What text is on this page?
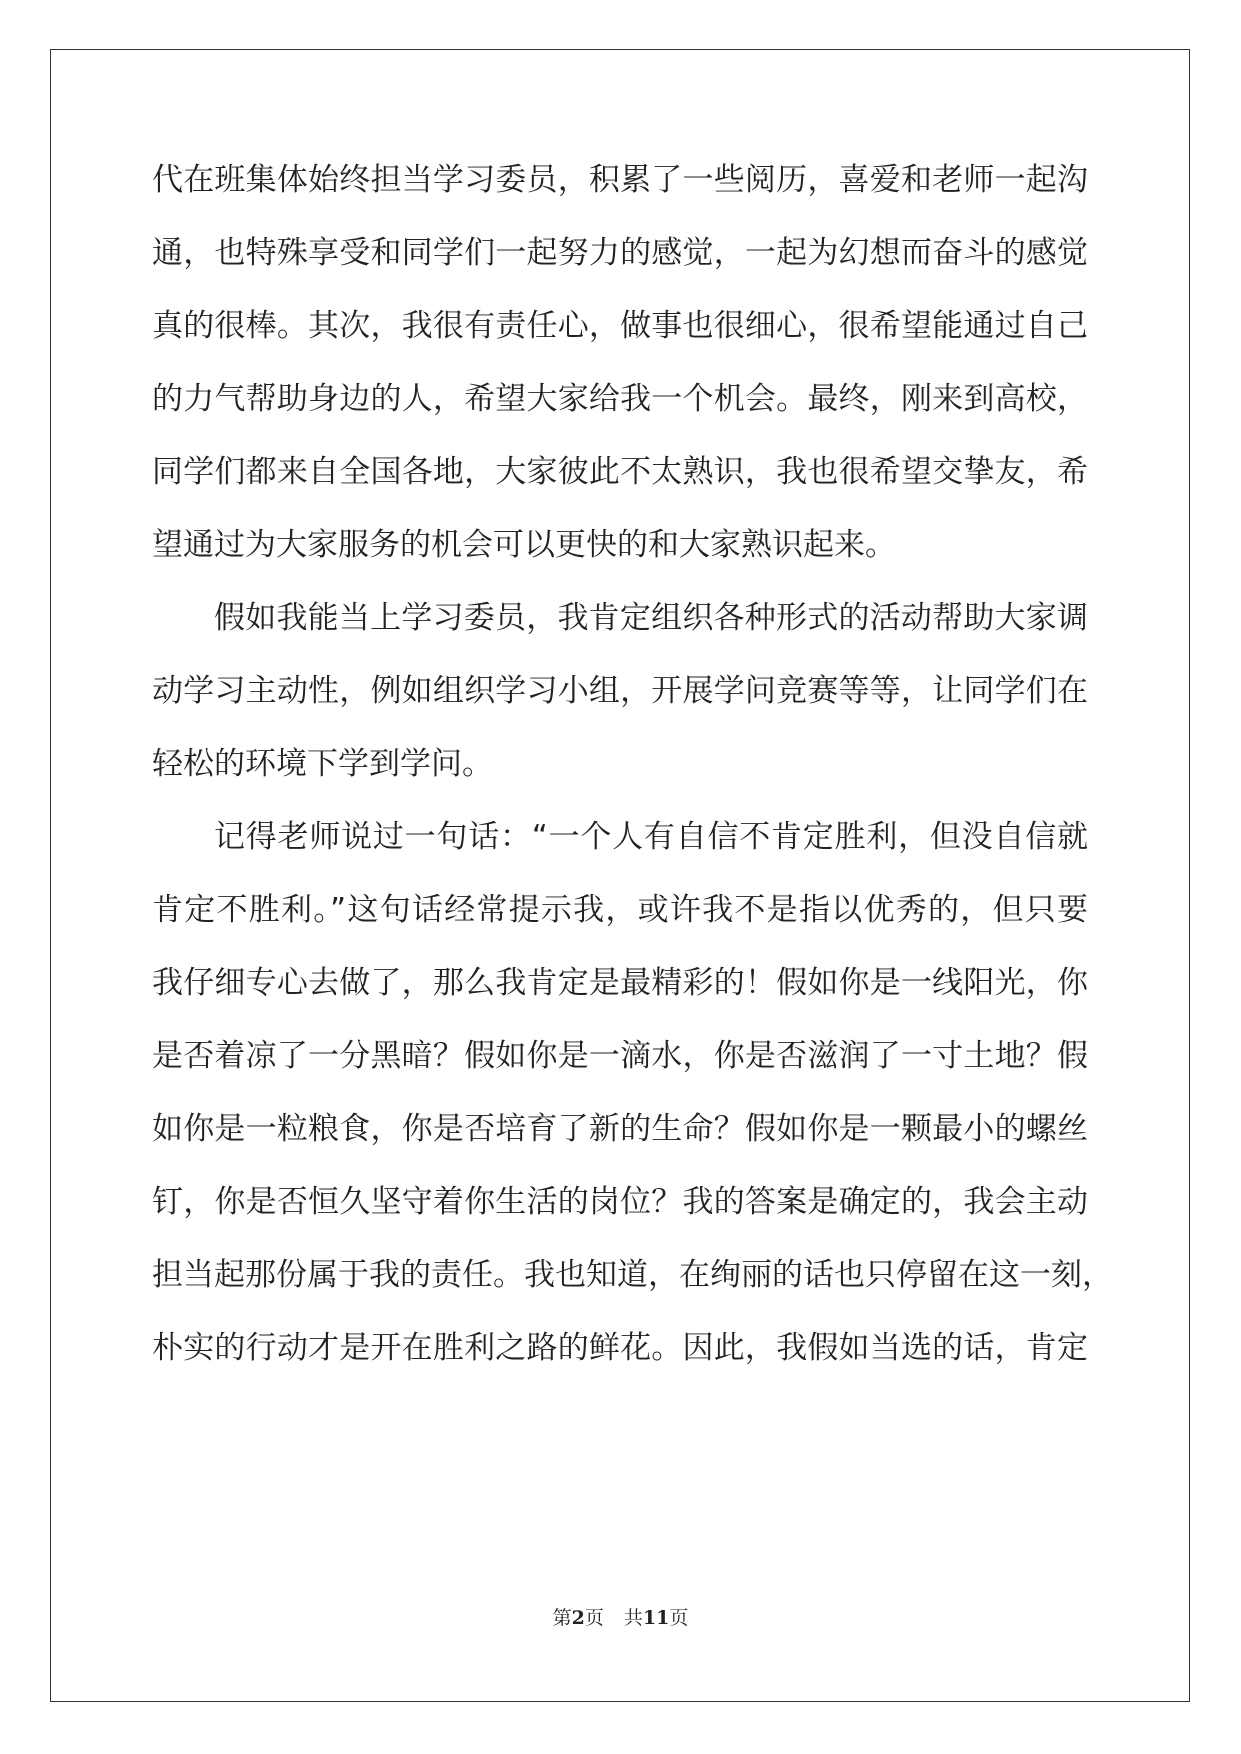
代在班集体始终担当学习委员，积累了一些阅历，喜爱和老师一起沟
通，也特殊享受和同学们一起努力的感觉，一起为幻想而奋斗的感觉
真的很棒。其次，我很有责任心，做事也很细心，很希望能通过自己
的力气帮助身边的人，希望大家给我一个机会。最终，刚来到高校，
同学们都来自全国各地，大家彼此不太熟识，我也很希望交挚友，希
望通过为大家服务的机会可以更快的和大家熟识起来。
假如我能当上学习委员，我肯定组织各种形式的活动帮助大家调
动学习主动性，例如组织学习小组，开展学问竞赛等等，让同学们在
轻松的环境下学到学问。
记得老师说过一句话：“一个人有自信不肯定胜利，但没自信就
肯定不胜利。”这句话经常提示我，或许我不是指以优秀的，但只要
我仔细专心去做了，那么我肯定是最精彩的！假如你是一线阳光，你
是否着凉了一分黑暗？假如你是一滴水，你是否滋润了一寸土地？假
如你是一粒粮食，你是否培育了新的生命？假如你是一颗最小的螺丝
钉，你是否恒久坚守着你生活的岗位？我的答案是确定的，我会主动
担当起那份属于我的责任。我也知道，在绚丽的话也只停留在这一刻，
朴实的行动才是开在胜利之路的鲜花。因此，我假如当选的话，肯定
第2页 共11页
